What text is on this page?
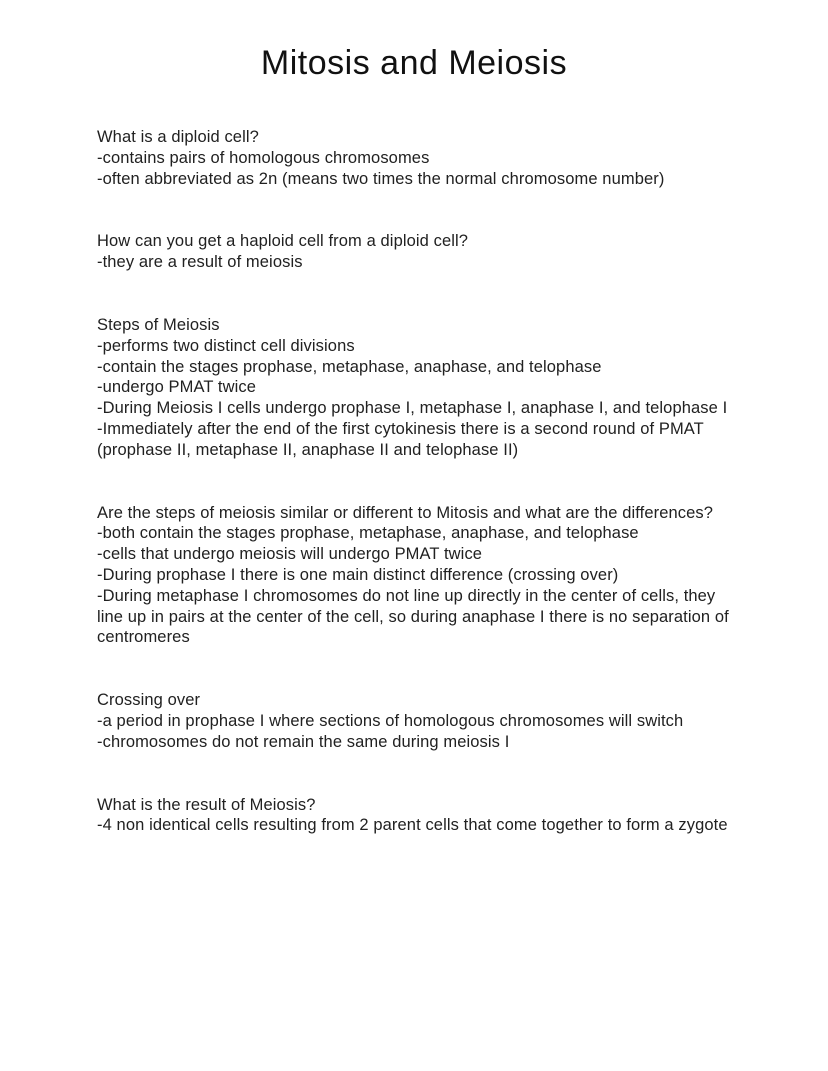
Mitosis and Meiosis

What is a diploid cell?

-contains pairs of homologous chromosomes

-often abbreviated as 2n (means two times the normal chromosome number)

How can you get a haploid cell from a diploid cell?

-they are a result of meiosis

Steps of Meiosis

-performs two distinct cell divisions

-contain the stages prophase, metaphase, anaphase, and telophase

-undergo PMAT twice

-During Meiosis I cells undergo prophase I, metaphase I, anaphase I, and telophase I

-Immediately after the end of the first cytokinesis there is a second round of PMAT (prophase II, metaphase II, anaphase II and telophase II)

Are the steps of meiosis similar or different to Mitosis and what are the differences?

-both contain the stages prophase, metaphase, anaphase, and telophase

-cells that undergo meiosis will undergo PMAT twice

-During prophase I there is one main distinct difference (crossing over)

-During metaphase I chromosomes do not line up directly in the center of cells, they line up in pairs at the center of the cell, so during anaphase I there is no separation of centromeres

Crossing over

-a period in prophase I where sections of homologous chromosomes will switch

-chromosomes do not remain the same during meiosis I

What is the result of Meiosis?

-4 non identical cells resulting from 2 parent cells that come together to form a zygote
